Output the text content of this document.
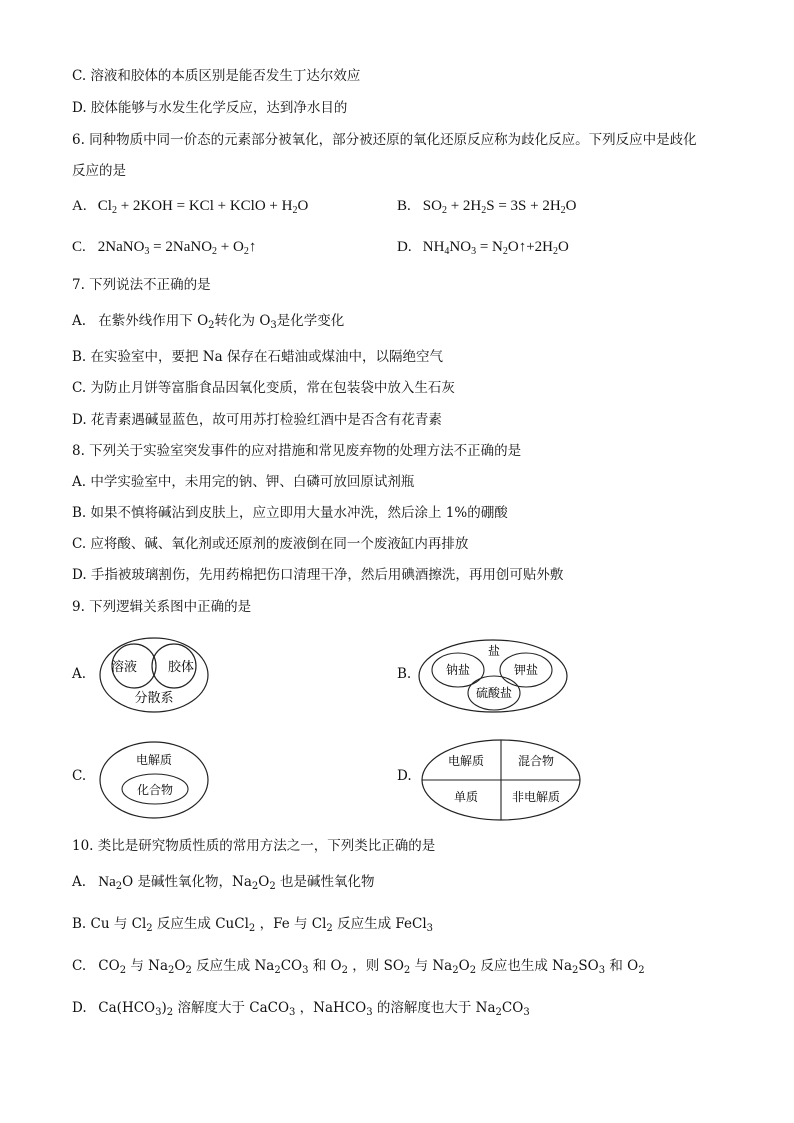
C. 溶液和胶体的本质区别是能否发生丁达尔效应
D. 胶体能够与水发生化学反应，达到净水目的
6. 同种物质中同一价态的元素部分被氧化，部分被还原的氧化还原反应称为歧化反应。下列反应中是歧化
反应的是
A. $Cl_2 + 2KOH$ = KCl + KClO + $H_2O$	B. $SO_2 + 2H_2S = 3S + 2H_2O$
C. 2NaNO$_3$ = 2NaNO$_2$ + $O_2↑$	D. $NH_4NO_3$ = $N_2O↑+2H_2O$
7. 下列说法不正确的是
A. 在紫外线作用下 $O_2$转化为 $O_3$是化学变化
B. 在实验室中，要把 Na 保存在石蜡油或煤油中，以隔绝空气
C. 为防止月饼等富脂食品因氧化变质，常在包装袋中放入生石灰
D. 花青素遇碱显蓝色，故可用苏打检验红酒中是否含有花青素
8. 下列关于实验室突发事件的应对措施和常见废弃物的处理方法不正确的是
A. 中学实验室中，未用完的钠、钾、白磷可放回原试剂瓶
B. 如果不慎将碱沾到皮肤上，应立即用大量水冲洗，然后涂上 1%的硼酸
C. 应将酸、碱、氧化剂或还原剂的废液倒在同一个废液缸内再排放
D. 手指被玻璃割伤，先用药棉把伤口清理干净，然后用碘酒擦洗，再用创可贴外敷
9. 下列逻辑关系图中正确的是
A. 溶液 胶体
分散系
B.
盐
钠盐	钾盐
硫酸盐
C.
电解质
化合物
D.
电解质	混合物
单质	非电解质
10. 类比是研究物质性质的常用方法之一，下列类比正确的是
A. $Na_2O$ 是碱性氧化物，$Na_2O_2$ 也是碱性氧化物
B. Cu 与 $Cl_2$ 反应生成 CuCl$_2$ ，Fe 与 $Cl_2$ 反应生成 FeCl$_3$
C. $CO_2$ 与 $Na_2O_2$ 反应生成 $Na_2CO_3$ 和 $O_2$ ，则 $SO_2$ 与 $Na_2O_2$ 反应也生成 $Na_2SO_3$ 和 $O_2$
D. $Ca(HCO_3)_2$ 溶解度大于 CaCO$_3$ ，NaHCO$_3$ 的溶解度也大于 $Na_2CO_3$
